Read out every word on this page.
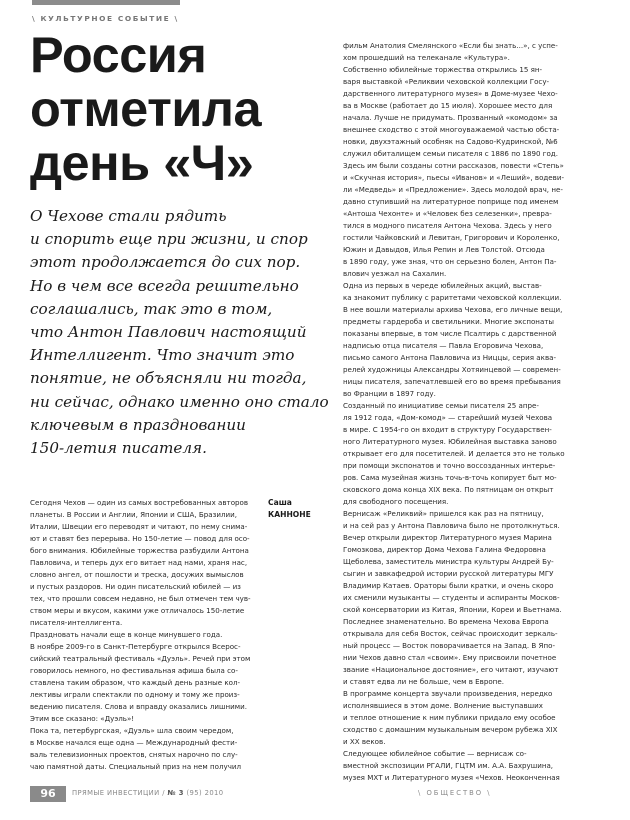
\ КУЛЬТУРНОЕ СОБЫТИЕ \
Россия
отметила
день «Ч»
О Чехове стали рядить
и спорить еще при жизни, и спор
этот продолжается до сих пор.
Но в чем все всегда решительно
соглашались, так это в том,
что Антон Павлович настоящий
Интеллигент. Что значит это
понятие, не объясняли ни тогда,
ни сейчас, однако именно оно стало
ключевым в праздновании
150-летия писателя.
Саша
КАННОНЕ
Сегодня Чехов — один из самых востребованных авторов
планеты. В России и Англии, Японии и США, Бразилии,
Италии, Швеции его переводят и читают, по нему снима-
ют и ставят без перерыва. Но 150-летие — повод для осо-
бого внимания. Юбилейные торжества разбудили Антона
Павловича, и теперь дух его витает над нами, храня нас,
словно ангел, от пошлости и треска, досужих вымыслов
и пустых раздоров. Ни один писательский юбилей — из
тех, что прошли совсем недавно, не был отмечен тем чув-
ством меры и вкусом, какими уже отличалось 150-летие
писателя-интеллигента.
Праздновать начали еще в конце минувшего года.
В ноябре 2009-го в Санкт-Петербурге открылся Всерос-
сийский театральный фестиваль «Дуэль». Речей при этом
говорилось немного, но фестивальная афиша была со-
ставлена таким образом, что каждый день разные кол-
лективы играли спектакли по одному и тому же произ-
ведению писателя. Слова и вправду оказались лишними.
Этим все сказано: «Дуэль»!
Пока та, петербургская, «Дуэль» шла своим чередом,
в Москве начался еще одна — Международный фести-
валь телевизионных проектов, снятых нарочно по слу-
чаю памятной даты. Специальный приз на нем получил
фильм Анатолия Смелянского «Если бы знать...», с успе-
хом прошедший на телеканале «Культура».
Собственно юбилейные торжества открылись 15 ян-
варя выставкой «Реликвии чеховской коллекции Госу-
дарственного литературного музея» в Доме-музее Чехо-
ва в Москве (работает до 15 июля). Хорошее место для
начала. Лучше не придумать. Прозванный «комодом» за
внешнее сходство с этой многоуважаемой частью обста-
новки, двухэтажный особняк на Садово-Кудринской, №6
служил обиталищем семьи писателя с 1886 по 1890 год.
Здесь им были созданы сотни рассказов, повести «Степь»
и «Скучная история», пьесы «Иванов» и «Леший», водеви-
ли «Медведь» и «Предложение». Здесь молодой врач, не-
давно ступивший на литературное поприще под именем
«Антоша Чехонте» и «Человек без селезенки», превра-
тился в модного писателя Антона Чехова. Здесь у него
гостили Чайковский и Левитан, Григорович и Короленко,
Южин и Давыдов, Илья Репин и Лев Толстой. Отсюда
в 1890 году, уже зная, что он серьезно болен, Антон Па-
влович уезжал на Сахалин.
Одна из первых в череде юбилейных акций, выстав-
ка знакомит публику с раритетами чеховской коллекции.
В нее вошли материалы архива Чехова, его личные вещи,
предметы гардероба и светильники. Многие экспонаты
показаны впервые, в том числе Псалтирь с дарственной
надписью отца писателя — Павла Егоровича Чехова,
письмо самого Антона Павловича из Ниццы, серия аква-
релей художницы Александры Хотяинцевой — современ-
ницы писателя, запечатлевшей его во время пребывания
во Франции в 1897 году.
Созданный по инициативе семьи писателя 25 апре-
ля 1912 года, «Дом-комод» — старейший музей Чехова
в мире. С 1954-го он входит в структуру Государствен-
ного Литературного музея. Юбилейная выставка заново
открывает его для посетителей. И делается это не только
при помощи экспонатов и точно воссозданных интерье-
ров. Сама музейная жизнь точь-в-точь копирует быт мо-
сковского дома конца XIX века. По пятницам он открыт
для свободного посещения.
Вернисаж «Реликвий» пришелся как раз на пятницу,
и на сей раз у Антона Павловича было не протолкнуться.
Вечер открыли директор Литературного музея Марина
Гомозкова, директор Дома Чехова Галина Федоровна
Щеболева, заместитель министра культуры Андрей Бу-
сыгин и завкафедрой истории русской литературы МГУ
Владимир Катаев. Ораторы были кратки, и очень скоро
их сменили музыканты — студенты и аспиранты Москов-
ской консерватории из Китая, Японии, Кореи и Вьетнама.
Последнее знаменательно. Во времена Чехова Европа
открывала для себя Восток, сейчас происходит зеркаль-
ный процесс — Восток поворачивается на Запад. В Япо-
нии Чехов давно стал «своим». Ему присвоили почетное
звание «Национальное достояние», его читают, изучают
и ставят едва ли не больше, чем в Европе.
В программе концерта звучали произведения, нередко
исполнявшиеся в этом доме. Волнение выступавших
и теплое отношение к ним публики придало ему особое
сходство с домашним музыкальным вечером рубежа XIX
и XX веков.
Следующее юбилейное событие — вернисаж со-
вместной экспозиции РГАЛИ, ГЦТМ им. А.А. Бахрушина,
музея МХТ и Литературного музея «Чехов. Неоконченная
96	ПРЯМЫЕ ИНВЕСТИЦИИ / № 3 (95) 2010	\ ОБЩЕСТВО \
